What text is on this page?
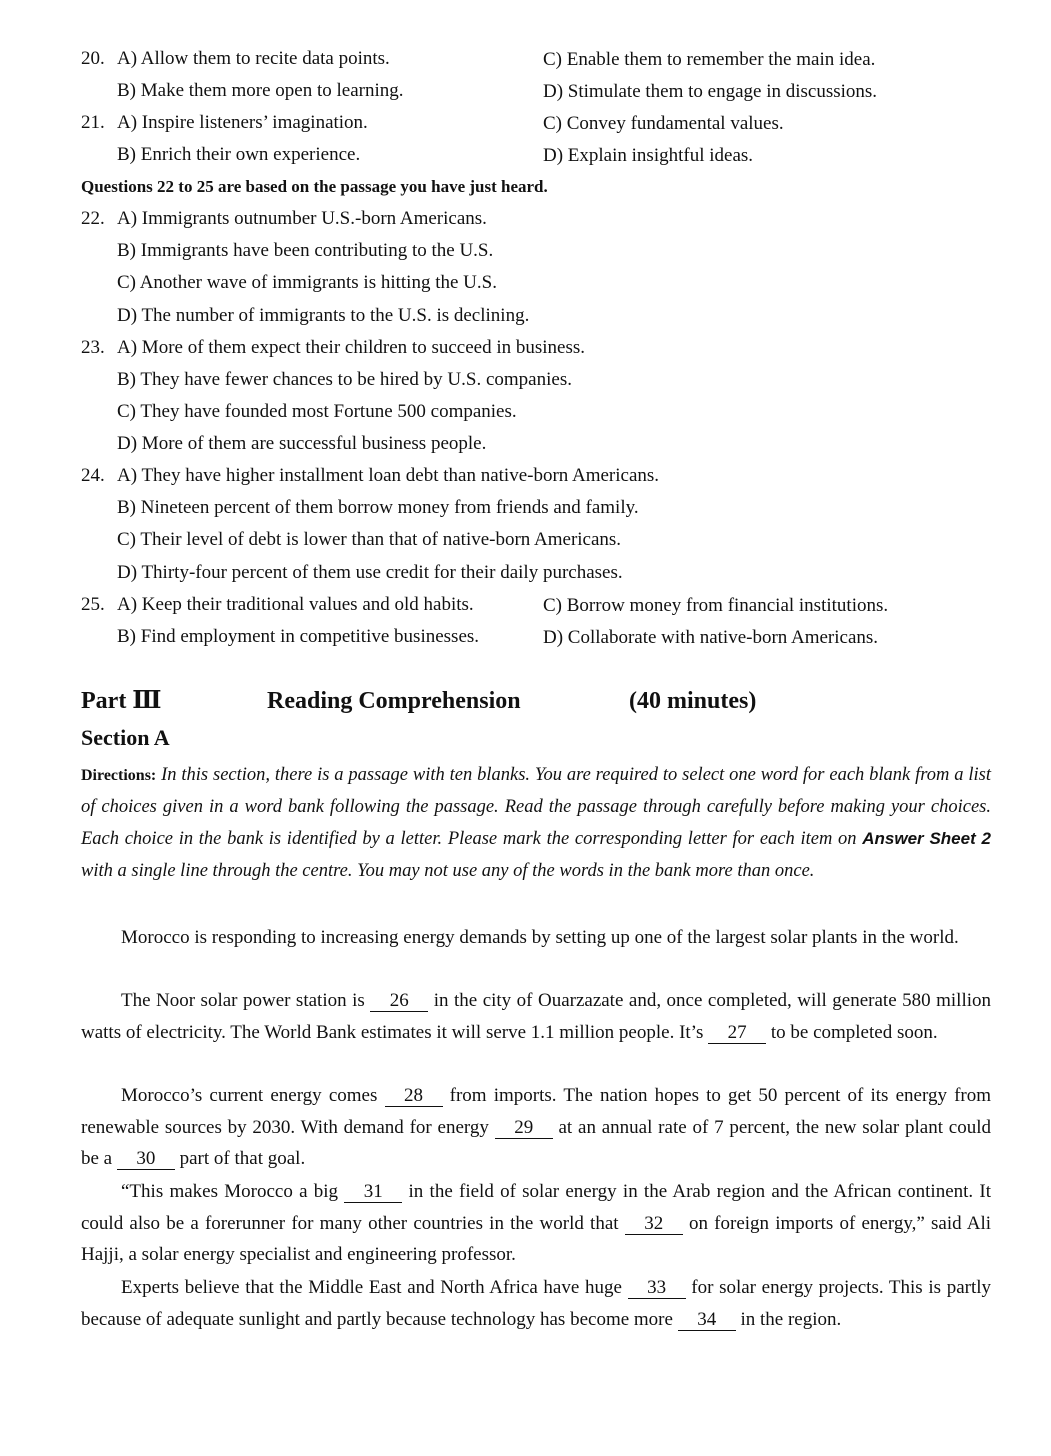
20. A) Allow them to recite data points.	C) Enable them to remember the main idea.
B) Make them more open to learning.	D) Stimulate them to engage in discussions.
21. A) Inspire listeners’ imagination.	C) Convey fundamental values.
B) Enrich their own experience.	D) Explain insightful ideas.
Questions 22 to 25 are based on the passage you have just heard.
22. A) Immigrants outnumber U.S.-born Americans.
B) Immigrants have been contributing to the U.S.
C) Another wave of immigrants is hitting the U.S.
D) The number of immigrants to the U.S. is declining.
23. A) More of them expect their children to succeed in business.
B) They have fewer chances to be hired by U.S. companies.
C) They have founded most Fortune 500 companies.
D) More of them are successful business people.
24. A) They have higher installment loan debt than native-born Americans.
B) Nineteen percent of them borrow money from friends and family.
C) Their level of debt is lower than that of native-born Americans.
D) Thirty-four percent of them use credit for their daily purchases.
25. A) Keep their traditional values and old habits.	C) Borrow money from financial institutions.
B) Find employment in competitive businesses.	D) Collaborate with native-born Americans.
Part Ⅲ	Reading Comprehension	(40 minutes)
Section A
Directions: In this section, there is a passage with ten blanks. You are required to select one word for each blank from a list of choices given in a word bank following the passage. Read the passage through carefully before making your choices. Each choice in the bank is identified by a letter. Please mark the corresponding letter for each item on Answer Sheet 2 with a single line through the centre. You may not use any of the words in the bank more than once.
Morocco is responding to increasing energy demands by setting up one of the largest solar plants in the world.
The Noor solar power station is 26 in the city of Ouarzazate and, once completed, will generate 580 million watts of electricity. The World Bank estimates it will serve 1.1 million people. It’s 27 to be completed soon.
Morocco’s current energy comes 28 from imports. The nation hopes to get 50 percent of its energy from renewable sources by 2030. With demand for energy 29 at an annual rate of 7 percent, the new solar plant could be a 30 part of that goal.
“This makes Morocco a big 31 in the field of solar energy in the Arab region and the African continent. It could also be a forerunner for many other countries in the world that 32 on foreign imports of energy,” said Ali Hajji, a solar energy specialist and engineering professor.
Experts believe that the Middle East and North Africa have huge 33 for solar energy projects. This is partly because of adequate sunlight and partly because technology has become more 34 in the region.
